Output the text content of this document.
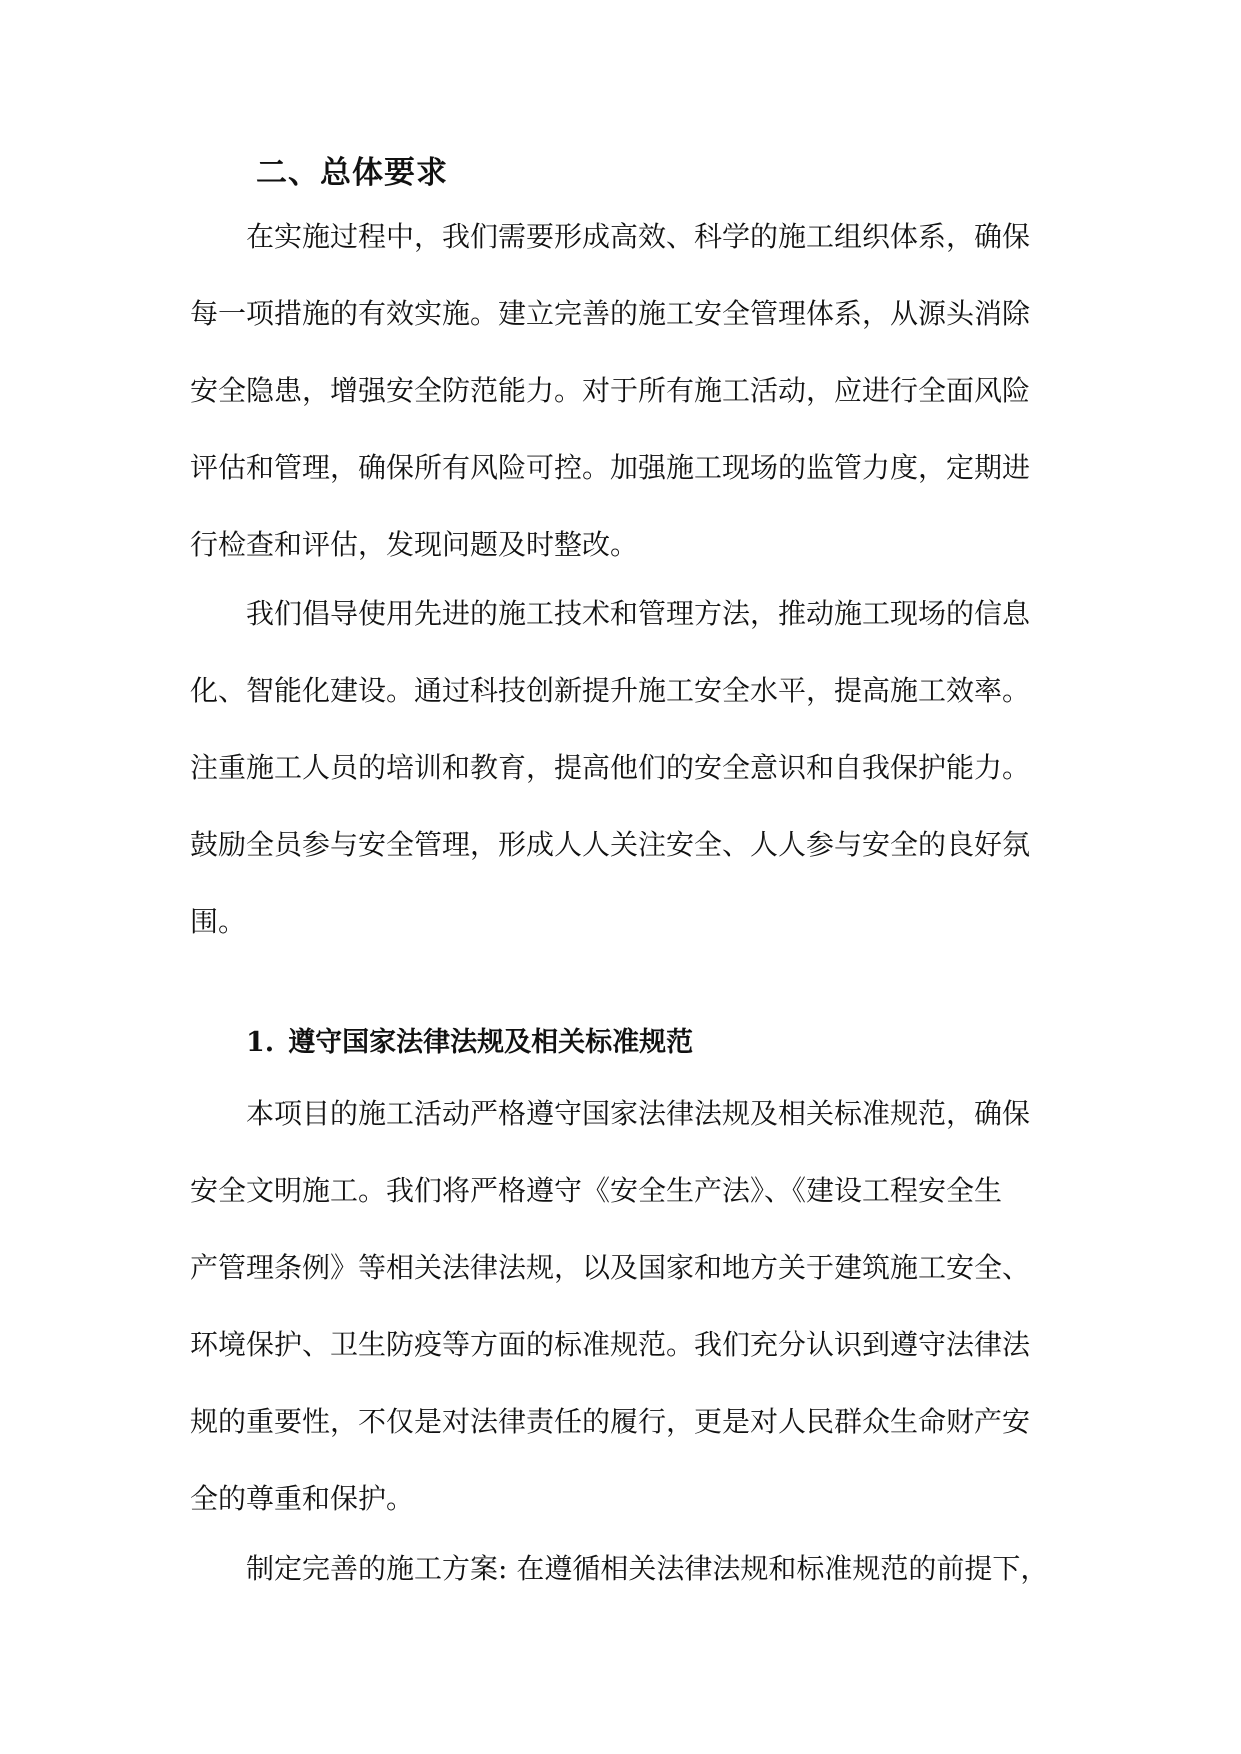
二、总体要求

在实施过程中，我们需要形成高效、科学的施工组织体系，确保
每一项措施的有效实施。建立完善的施工安全管理体系，从源头消除
安全隐患，增强安全防范能力。对于所有施工活动，应进行全面风险
评估和管理，确保所有风险可控。加强施工现场的监管力度，定期进
行检查和评估，发现问题及时整改。

我们倡导使用先进的施工技术和管理方法，推动施工现场的信息
化、智能化建设。通过科技创新提升施工安全水平，提高施工效率。
注重施工人员的培训和教育，提高他们的安全意识和自我保护能力。
鼓励全员参与安全管理，形成人人关注安全、人人参与安全的良好氛
围。

1. 遵守国家法律法规及相关标准规范

本项目的施工活动严格遵守国家法律法规及相关标准规范，确保
安全文明施工。我们将严格遵守《安全生产法》、《建设工程安全生
产管理条例》等相关法律法规，以及国家和地方关于建筑施工安全、
环境保护、卫生防疫等方面的标准规范。我们充分认识到遵守法律法
规的重要性，不仅是对法律责任的履行，更是对人民群众生命财产安
全的尊重和保护。

制定完善的施工方案: 在遵循相关法律法规和标准规范的前提下，
